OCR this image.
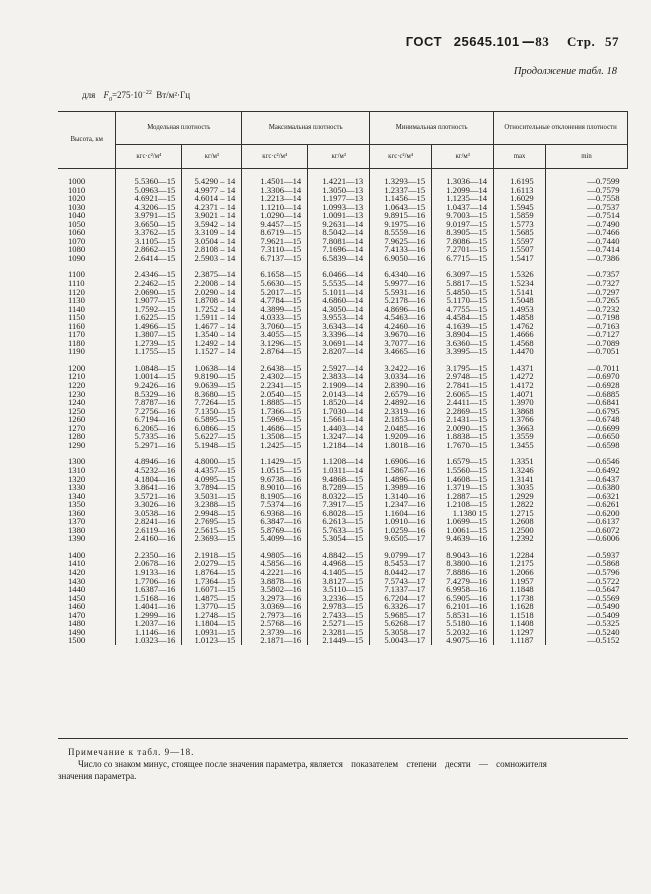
ГОСТ 25645.101 —83 Стр. 57
Продолжение табл. 18
для $F_0=275\cdot 10^{-22}$ Вт/м²·Гц
Высота, км	Модельная плотность		Максимальная плотность		Минимальная плотность		Относительные отклонения плотности	
	кгс·с²/м⁴	кг/м³	кгс·с²/м⁴	кг/м³	кгс·с²/м⁴	кг/м³	max	min
1000	5.5360—15	5.4290 – 14	1.4501—14	1.4221—13	1.3293—15	1.3036—14	1.6195	—0.7599
1010	5.0963—15	4.9977 – 14	1.3306—14	1.3050—13	1.2337—15	1.2099—14	1.6113	—0.7579
1020	4.6921—15	4.6014 – 14	1.2213—14	1.1977—13	1.1456—15	1.1235—14	1.6029	—0.7558
1030	4.3206—15	4.2371 – 14	1.1210—14	1.0993—13	1.0643—15	1.0437—14	1.5945	—0.7537
1040	3.9791—15	3.9021 – 14	1.0290—14	1.0091—13	9.8915—16	9.7003—15	1.5859	—0.7514
1050	3.6650—15	3.5942 – 14	9.4457—15	9.2631—14	9.1975—16	9.0197—15	1.5773	—0.7490
1060	3.3762—15	3.3109 – 14	8.6719—15	8.5042—14	8.5559—16	8.3905—15	1.5685	—0.7466
1070	3.1105—15	3.0504 – 14	7.9621—15	7.8081—14	7.9625—16	7.8086—15	1.5597	—0.7440
1080	2.8662—15	2.8108 – 14	7.3110—15	7.1696—14	7.4133—16	7.2701—15	1.5507	—0.7414
1090	2.6414—15	2.5903 – 14	6.7137—15	6.5839—14	6.9050—16	6.7715—15	1.5417	—0.7386
1100	2.4346—15	2.3875—14	6.1658—15	6.0466—14	6.4340—16	6.3097—15	1.5326	—0.7357
1110	2.2462—15	2.2008 – 14	5.6630—15	5.5535—14	5.9977—16	5.8817—15	1.5234	—0.7327
1120	2.0690—15	2.0290 – 14	5.2017—15	5.1011—14	5.5931—16	5.4850—15	1.5141	—0.7297
1130	1.9077—15	1.8708 – 14	4.7784—15	4.6860—14	5.2178—16	5.1170—15	1.5048	—0.7265
1140	1.7592—15	1.7252 – 14	4.3899—15	4.3050—14	4.8696—16	4.7755—15	1.4953	—0.7232
1150	1.6225—15	1.5911 – 14	4.0333—15	3.9553—14	4.5463—16	4.4584—15	1.4858	—0.7198
1160	1.4966—15	1.4677 – 14	3.7060—15	3.6343—14	4.2460—16	4.1639—15	1.4762	—0.7163
1170	1.3807—15	1.3540 – 14	3.4055—15	3.3396—14	3.9670—16	3.8904—15	1.4666	—0.7127
1180	1.2739—15	1.2492 – 14	3.1296—15	3.0691—14	3.7077—16	3.6360—15	1.4568	—0.7089
1190	1.1755—15	1.1527 – 14	2.8764—15	2.8207—14	3.4665—16	3.3995—15	1.4470	—0.7051
1200	1.0848—15	1.0638—14	2.6438—15	2.5927—14	3.2422—16	3.1795—15	1.4371	—0.7011
1210	1.0014—15	9.8190—15	2.4302—15	2.3833—14	3.0334—16	2.9748—15	1.4272	—0.6970
1220	9.2426—16	9.0639—15	2.2341—15	2.1909—14	2.8390—16	2.7841—15	1.4172	—0.6928
1230	8.5329—16	8.3680—15	2.0540—15	2.0143—14	2.6579—16	2.6065—15	1.4071	—0.6885
1240	7.8787—16	7.7264—15	1.8885—15	1.8520—14	2.4892—16	2.4411—15	1.3970	—0.6841
1250	7.2756—16	7.1350—15	1.7366—15	1.7030—14	2.3319—16	2.2869—15	1.3868	—0.6795
1260	6.7194—16	6.5895—15	1.5969—15	1.5661—14	2.1853—16	2.1431—15	1.3766	—0.6748
1270	6.2065—16	6.0866—15	1.4686—15	1.4403—14	2.0485—16	2.0090—15	1.3663	—0.6699
1280	5.7335—16	5.6227—15	1.3508—15	1.3247—14	1.9209—16	1.8838—15	1.3559	—0.6650
1290	5.2971—16	5.1948—15	1.2425—15	1.2184—14	1.8018—16	1.7670—15	1.3455	—0.6598
1300	4.8946—16	4.8000—15	1.1429—15	1.1208—14	1.6906—16	1.6579—15	1.3351	—0.6546
1310	4.5232—16	4.4357—15	1.0515—15	1.0311—14	1.5867—16	1.5560—15	1.3246	—0.6492
1320	4.1804—16	4.0995—15	9.6738—16	9.4868—15	1.4896—16	1.4608—15	1.3141	—0.6437
1330	3.8641—16	3.7894—15	8.9010—16	8.7289—15	1.3989—16	1.3719—15	1.3035	—0.6380
1340	3.5721—16	3.5031—15	8.1905—16	8.0322—15	1.3140—16	1.2887—15	1.2929	—0.6321
1350	3.3026—16	3.2388—15	7.5374—16	7.3917—15	1.2347—16	1.2108—15	1.2822	—0.6261
1360	3.0538—16	2.9948—15	6.9368—16	6.8028—15	1.1604—16	1.1380 15	1.2715	—0.6200
1370	2.8241—16	2.7695—15	6.3847—16	6.2613—15	1.0910—16	1.0699—15	1.2608	—0.6137
1380	2.6119—16	2.5615—15	5.8769—16	5.7633—15	1.0259—16	1.0061—15	1.2500	—0.6072
1390	2.4160—16	2.3693—15	5.4099—16	5.3054—15	9.6505—17	9.4639—16	1.2392	—0.6006
1400	2.2350—16	2.1918—15	4.9805—16	4.8842—15	9.0799—17	8.9043—16	1.2284	—0.5937
1410	2.0678—16	2.0279—15	4.5856—16	4.4968—15	8.5453—17	8.3800—16	1.2175	—0.5868
1420	1.9133—16	1.8764—15	4.2221—16	4.1405—15	8.0442—17	7.8886—16	1.2066	—0.5796
1430	1.7706—16	1.7364—15	3.8878—16	3.8127—15	7.5743—17	7.4279—16	1.1957	—0.5722
1440	1.6387—16	1.6071—15	3.5802—16	3.5110—15	7.1337—17	6.9958—16	1.1848	—0.5647
1450	1.5168—16	1.4875—15	3.2973—16	3.2336—15	6.7204—17	6.5905—16	1.1738	—0.5569
1460	1.4041—16	1.3770—15	3.0369—16	2.9783—15	6.3326—17	6.2101—16	1.1628	—0.5490
1470	1.2999—16	1.2748—15	2.7973—16	2.7433—15	5.9685—17	5.8531—16	1.1518	—0.5409
1480	1.2037—16	1.1804—15	2.5768—16	2.5271—15	5.6268—17	5.5180—16	1.1408	—0.5325
1490	1.1146—16	1.0931—15	2.3739—16	2.3281—15	5.3058—17	5.2032—16	1.1297	—0.5240
1500	1.0323—16	1.0123—15	2.1871—16	2.1449—15	5.0043—17	4.9075—16	1.1187	—0.5152
Примечание к табл. 9—18.
Число со знаком минус, стоящее после значения параметра, является показателем степени десяти — сомножителя
значения параметра.
